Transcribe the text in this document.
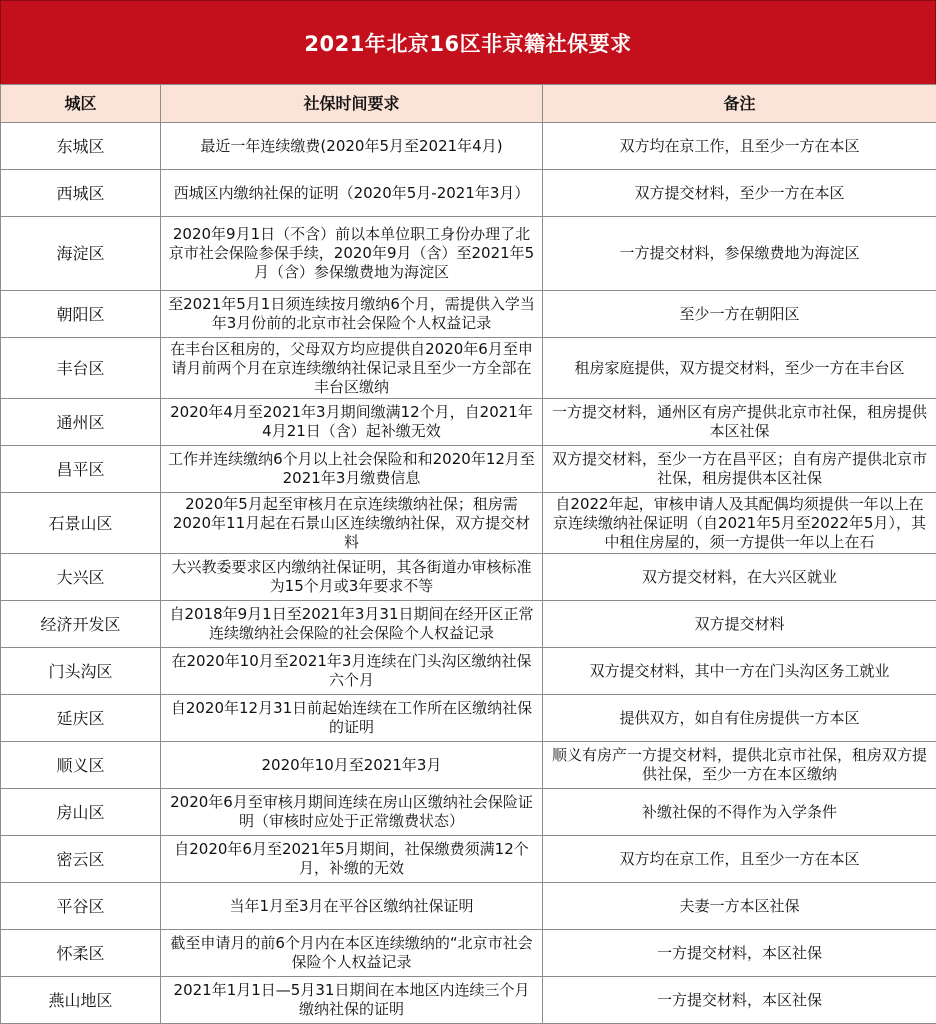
2021年北京16区非京籍社保要求
城区	社保时间要求	备注
东城区	最近一年连续缴费(2020年5月至2021年4月)	双方均在京工作，且至少一方在本区
西城区	西城区内缴纳社保的证明（2020年5月-2021年3月）	双方提交材料，至少一方在本区
海淀区	2020年9月1日（不含）前以本单位职工身份办理了北京市社会保险参保手续，2020年9月（含）至2021年5月（含）参保缴费地为海淀区	一方提交材料，参保缴费地为海淀区
朝阳区	至2021年5月1日须连续按月缴纳6个月，需提供入学当年3月份前的北京市社会保险个人权益记录	至少一方在朝阳区
丰台区	在丰台区租房的，父母双方均应提供自2020年6月至申请月前两个月在京连续缴纳社保记录且至少一方全部在丰台区缴纳	租房家庭提供，双方提交材料，至少一方在丰台区
通州区	2020年4月至2021年3月期间缴满12个月，自2021年4月21日（含）起补缴无效	一方提交材料，通州区有房产提供北京市社保，租房提供本区社保
昌平区	工作并连续缴纳6个月以上社会保险和和2020年12月至2021年3月缴费信息	双方提交材料，至少一方在昌平区；自有房产提供北京市社保，租房提供本区社保
石景山区	2020年5月起至审核月在京连续缴纳社保；租房需2020年11月起在石景山区连续缴纳社保，双方提交材料	自2022年起，审核申请人及其配偶均须提供一年以上在京连续缴纳社保证明（自2021年5月至2022年5月），其中租住房屋的，须一方提供一年以上在石
大兴区	大兴教委要求区内缴纳社保证明，其各街道办审核标准为15个月或3年要求不等	双方提交材料，在大兴区就业
经济开发区	自2018年9月1日至2021年3月31日期间在经开区正常连续缴纳社会保险的社会保险个人权益记录	双方提交材料
门头沟区	在2020年10月至2021年3月连续在门头沟区缴纳社保六个月	双方提交材料，其中一方在门头沟区务工就业
延庆区	自2020年12月31日前起始连续在工作所在区缴纳社保的证明	提供双方，如自有住房提供一方本区
顺义区	2020年10月至2021年3月	顺义有房产一方提交材料，提供北京市社保，租房双方提供社保，至少一方在本区缴纳
房山区	2020年6月至审核月期间连续在房山区缴纳社会保险证明（审核时应处于正常缴费状态）	补缴社保的不得作为入学条件
密云区	自2020年6月至2021年5月期间，社保缴费须满12个月，补缴的无效	双方均在京工作，且至少一方在本区
平谷区	当年1月至3月在平谷区缴纳社保证明	夫妻一方本区社保
怀柔区	截至申请月的前6个月内在本区连续缴纳的“北京市社会保险个人权益记录	一方提交材料，本区社保
燕山地区	2021年1月1日—5月31日期间在本地区内连续三个月缴纳社保的证明	一方提交材料，本区社保
